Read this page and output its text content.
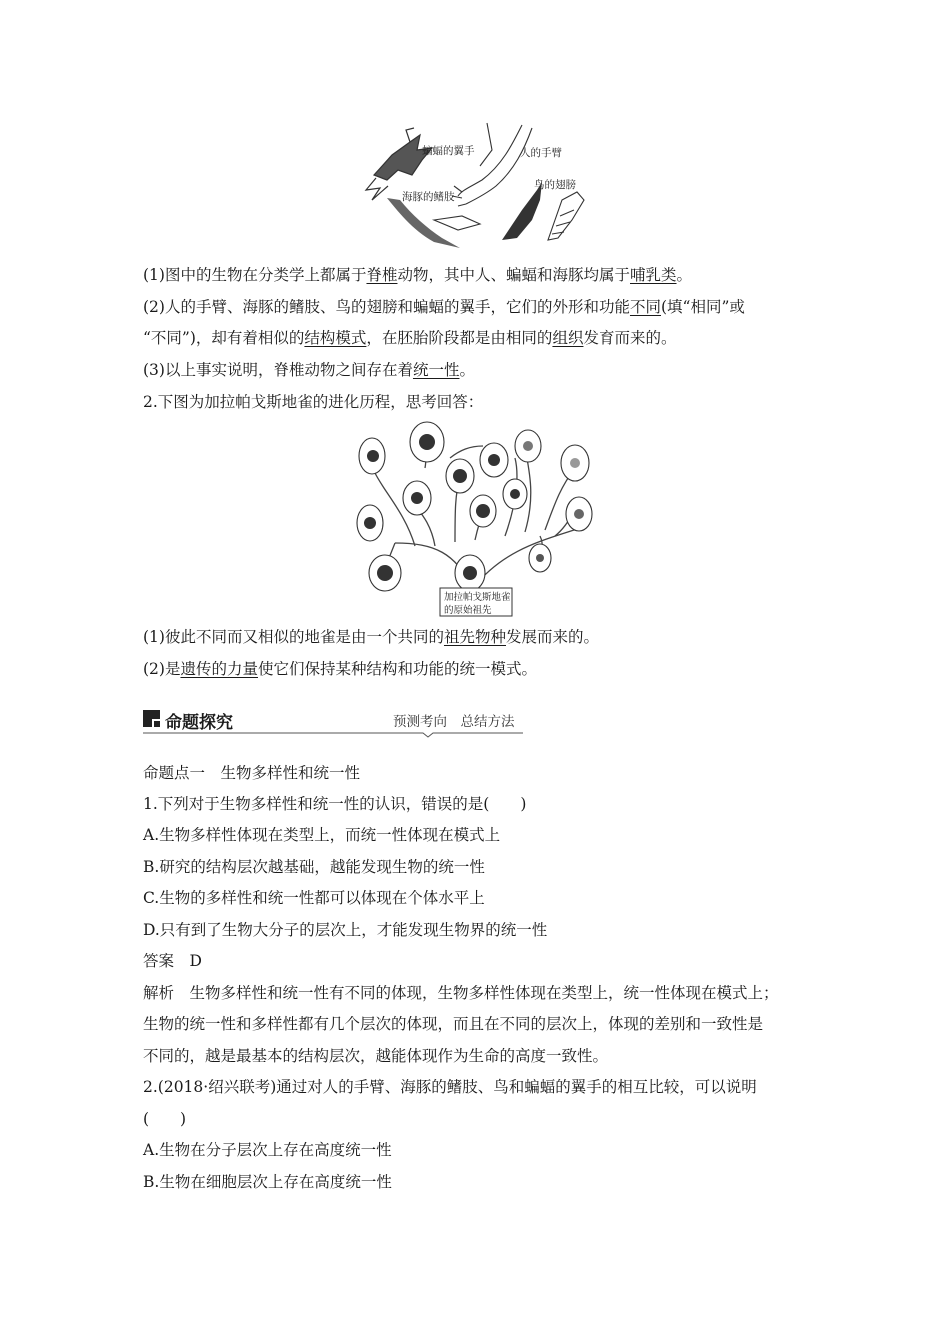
蝙蝠的翼手	人的手臂
鸟的翅膀
海豚的鳍肢
(1)图中的生物在分类学上都属于脊椎动物，其中人、蝙蝠和海豚均属于哺乳类。
(2)人的手臂、海豚的鳍肢、鸟的翅膀和蝙蝠的翼手，它们的外形和功能不同(填“相同”或
“不同”)，却有着相似的结构模式，在胚胎阶段都是由相同的组织发育而来的。
(3)以上事实说明，脊椎动物之间存在着统一性。
2.下图为加拉帕戈斯地雀的进化历程，思考回答：
加拉帕戈斯地雀
的原始祖先
(1)彼此不同而又相似的地雀是由一个共同的祖先物种发展而来的。
(2)是遗传的力量使它们保持某种结构和功能的统一模式。
命题探究	预测考向　总结方法
命题点一　生物多样性和统一性
1.下列对于生物多样性和统一性的认识，错误的是(　　)
A.生物多样性体现在类型上，而统一性体现在模式上
B.研究的结构层次越基础，越能发现生物的统一性
C.生物的多样性和统一性都可以体现在个体水平上
D.只有到了生物大分子的层次上，才能发现生物界的统一性
答案　D
解析　生物多样性和统一性有不同的体现，生物多样性体现在类型上，统一性体现在模式上；
生物的统一性和多样性都有几个层次的体现，而且在不同的层次上，体现的差别和一致性是
不同的，越是最基本的结构层次，越能体现作为生命的高度一致性。
2.(2018·绍兴联考)通过对人的手臂、海豚的鳍肢、鸟和蝙蝠的翼手的相互比较，可以说明
(　　)
A.生物在分子层次上存在高度统一性
B.生物在细胞层次上存在高度统一性
